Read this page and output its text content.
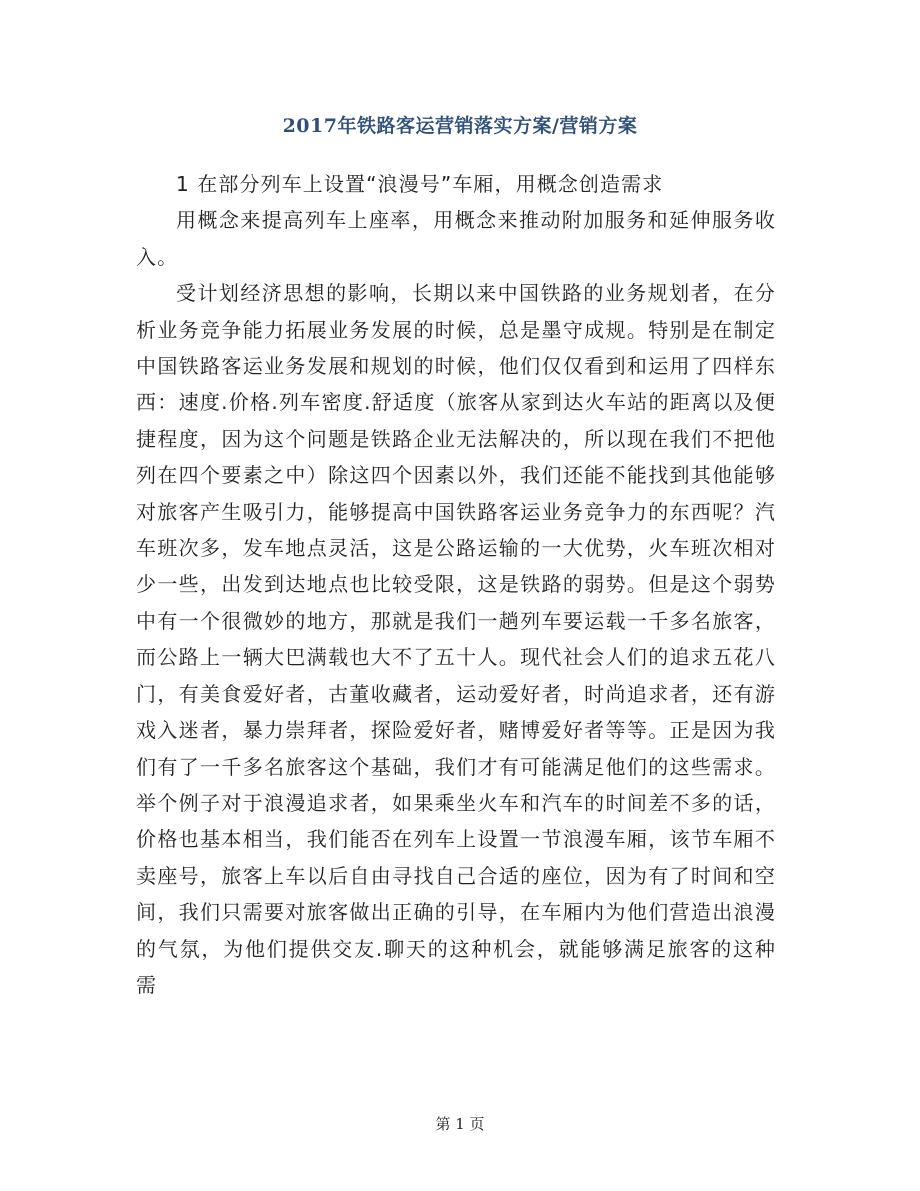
2017年铁路客运营销落实方案/营销方案

1 在部分列车上设置“浪漫号”车厢，用概念创造需求

用概念来提高列车上座率，用概念来推动附加服务和延伸服务收入。

受计划经济思想的影响，长期以来中国铁路的业务规划者，在分析业务竞争能力拓展业务发展的时候，总是墨守成规。特别是在制定中国铁路客运业务发展和规划的时候，他们仅仅看到和运用了四样东西：速度.价格.列车密度.舒适度（旅客从家到达火车站的距离以及便捷程度，因为这个问题是铁路企业无法解决的，所以现在我们不把他列在四个要素之中）除这四个因素以外，我们还能不能找到其他能够对旅客产生吸引力，能够提高中国铁路客运业务竞争力的东西呢？汽车班次多，发车地点灵活，这是公路运输的一大优势，火车班次相对少一些，出发到达地点也比较受限，这是铁路的弱势。但是这个弱势中有一个很微妙的地方，那就是我们一趟列车要运载一千多名旅客，而公路上一辆大巴满载也大不了五十人。现代社会人们的追求五花八门，有美食爱好者，古董收藏者，运动爱好者，时尚追求者，还有游戏入迷者，暴力崇拜者，探险爱好者，赌博爱好者等等。正是因为我们有了一千多名旅客这个基础，我们才有可能满足他们的这些需求。举个例子对于浪漫追求者，如果乘坐火车和汽车的时间差不多的话，价格也基本相当，我们能否在列车上设置一节浪漫车厢，该节车厢不卖座号，旅客上车以后自由寻找自己合适的座位，因为有了时间和空间，我们只需要对旅客做出正确的引导，在车厢内为他们营造出浪漫的气氛，为他们提供交友.聊天的这种机会，就能够满足旅客的这种需

第 1 页
